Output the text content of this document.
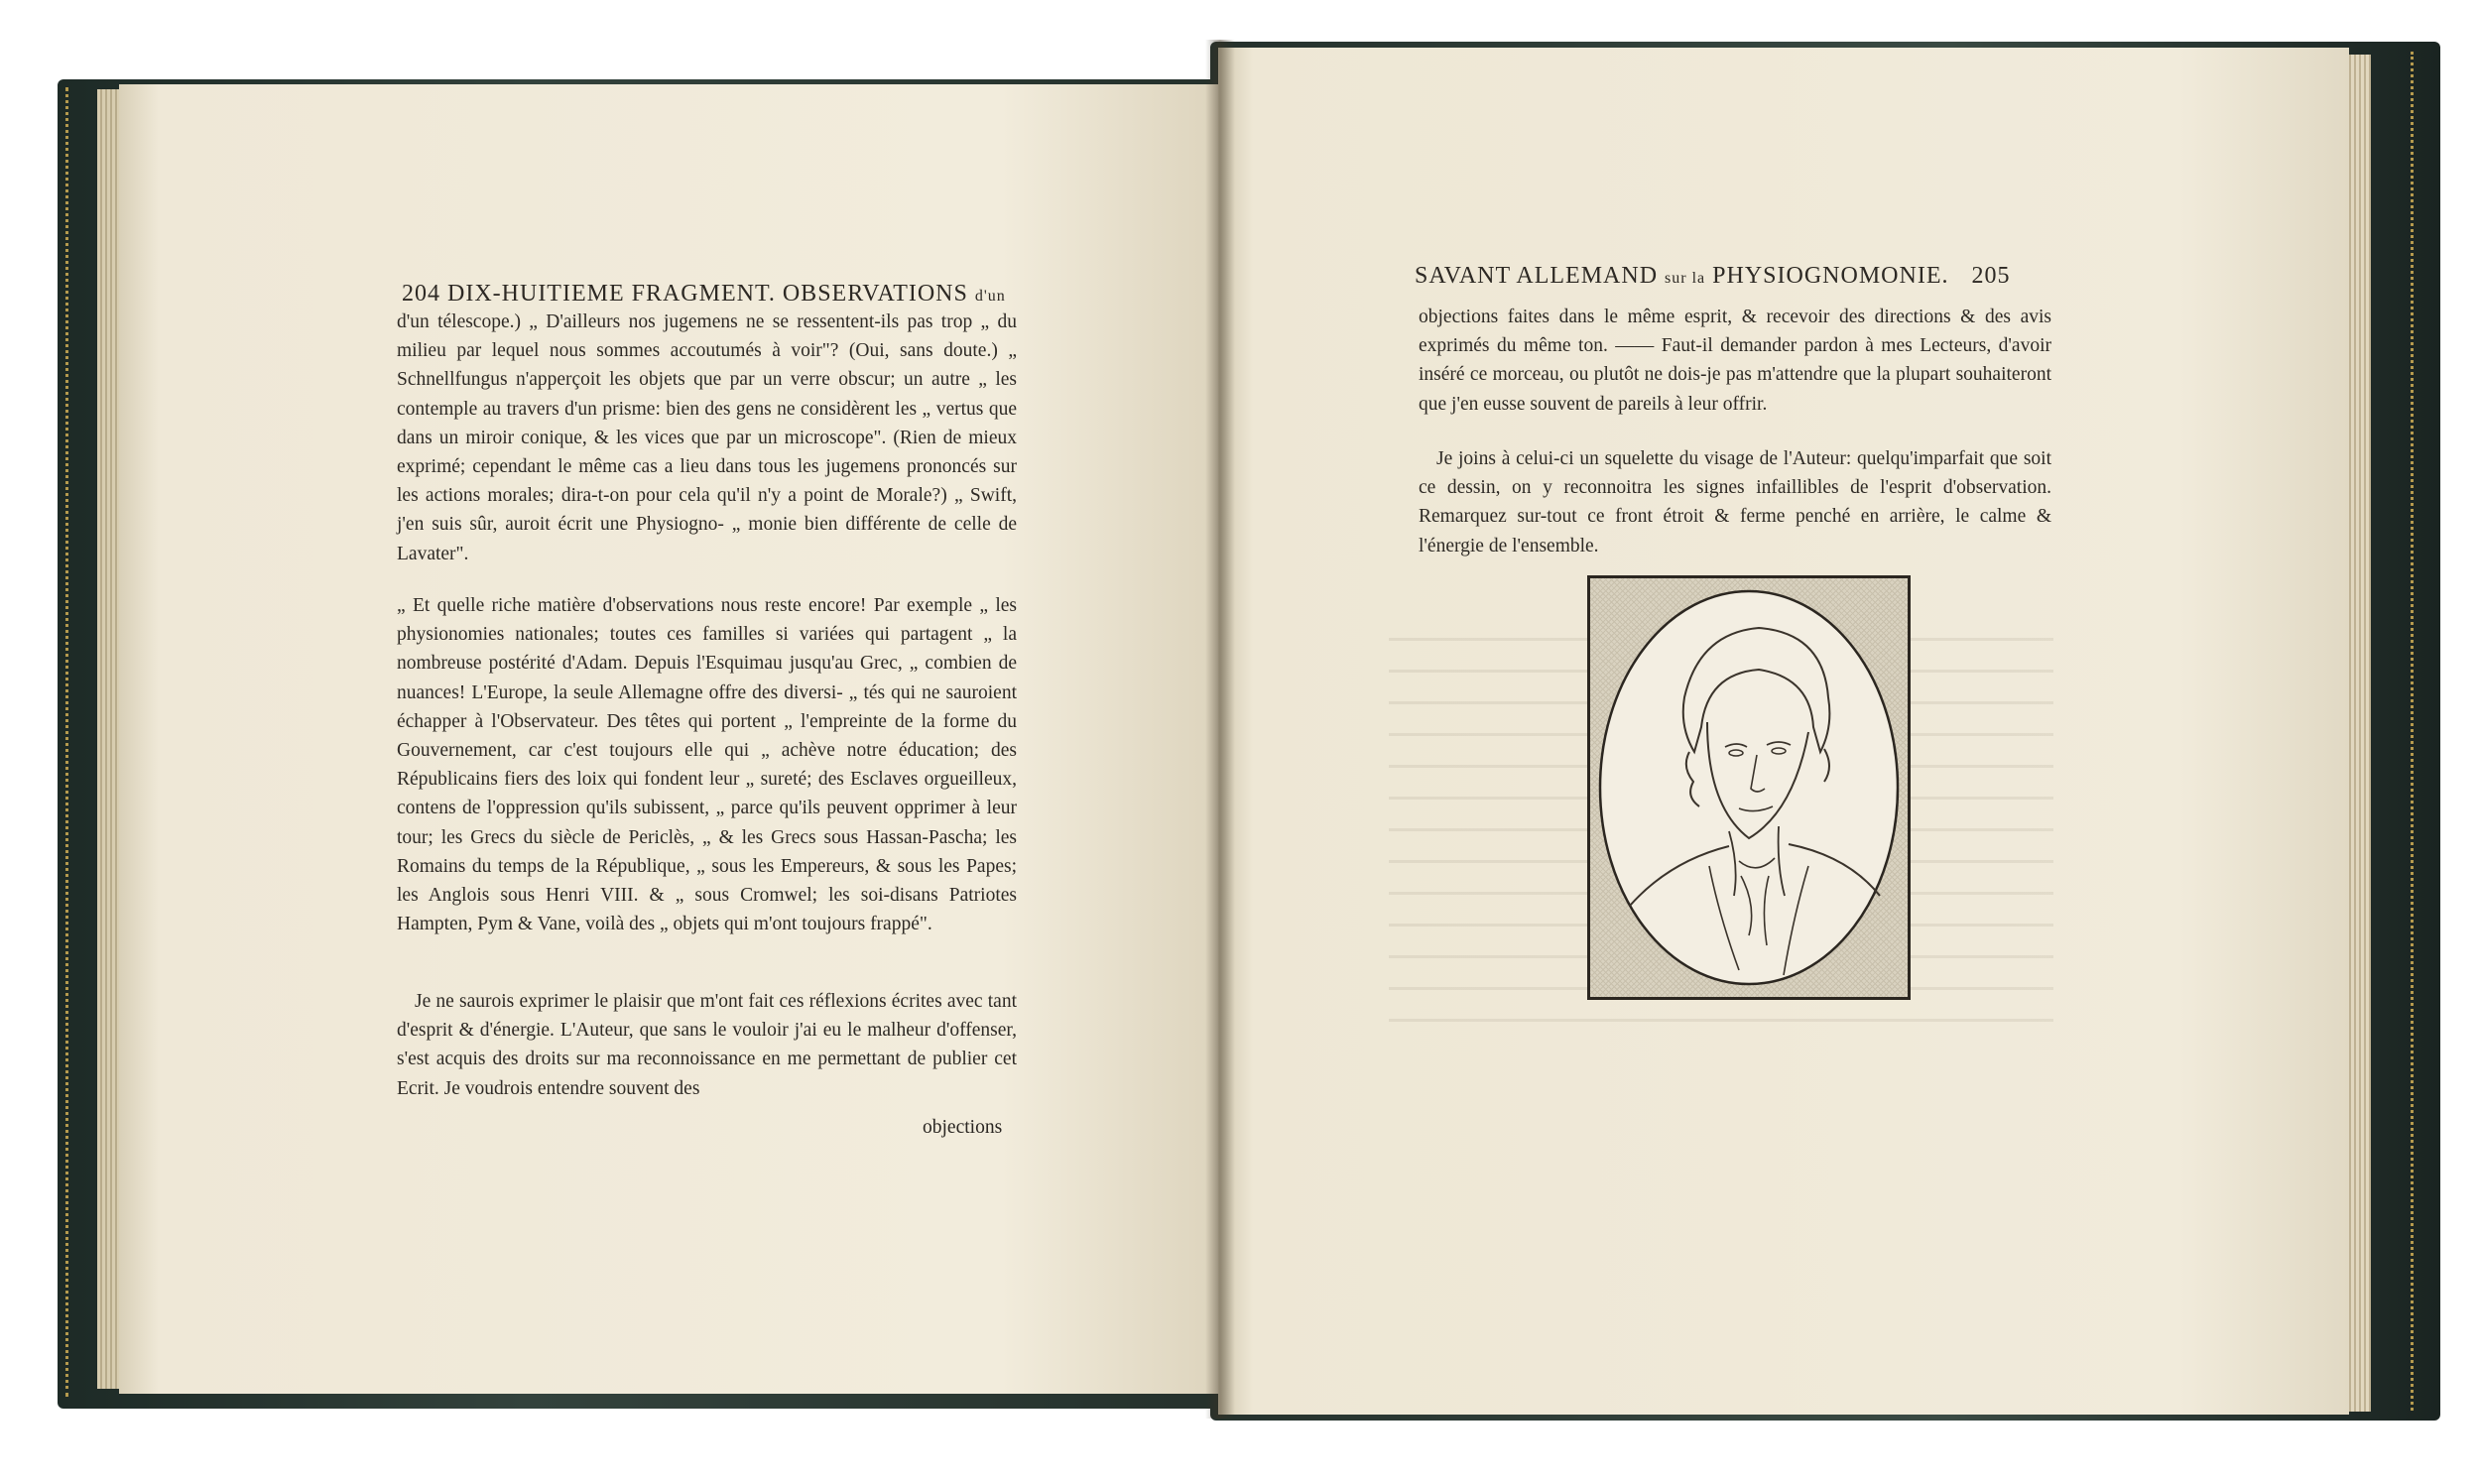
204 DIX-HUITIEME FRAGMENT. OBSERVATIONS d'un

d'un télescope.) „ D'ailleurs nos jugemens ne se ressentent-ils pas trop „ du milieu par lequel nous sommes accoutumés à voir"? (Oui, sans doute.) „ Schnellfungus n'apperçoit les objets que par un verre obscur; un autre „ les contemple au travers d'un prisme: bien des gens ne considèrent les „ vertus que dans un miroir conique, & les vices que par un microscope". (Rien de mieux exprimé; cependant le même cas a lieu dans tous les jugemens prononcés sur les actions morales; dira-t-on pour cela qu'il n'y a point de Morale?) „ Swift, j'en suis sûr, auroit écrit une Physiogno- „ monie bien différente de celle de Lavater".

„ Et quelle riche matière d'observations nous reste encore! Par exemple „ les physionomies nationales; toutes ces familles si variées qui partagent „ la nombreuse postérité d'Adam. Depuis l'Esquimau jusqu'au Grec, „ combien de nuances! L'Europe, la seule Allemagne offre des diversi- „ tés qui ne sauroient échapper à l'Observateur. Des têtes qui portent „ l'empreinte de la forme du Gouvernement, car c'est toujours elle qui „ achève notre éducation; des Républicains fiers des loix qui fondent leur „ sureté; des Esclaves orgueilleux, contens de l'oppression qu'ils subissent, „ parce qu'ils peuvent opprimer à leur tour; les Grecs du siècle de Periclès, „ & les Grecs sous Hassan-Pascha; les Romains du temps de la République, „ sous les Empereurs, & sous les Papes; les Anglois sous Henri VIII. & „ sous Cromwel; les soi-disans Patriotes Hampten, Pym & Vane, voilà des „ objets qui m'ont toujours frappé".

Je ne saurois exprimer le plaisir que m'ont fait ces réflexions écrites avec tant d'esprit & d'énergie. L'Auteur, que sans le vouloir j'ai eu le malheur d'offenser, s'est acquis des droits sur ma reconnoissance en me permettant de publier cet Ecrit. Je voudrois entendre souvent des

objections
SAVANT ALLEMAND sur la PHYSIOGNOMONIE. 205

objections faites dans le même esprit, & recevoir des directions & des avis exprimés du même ton. —— Faut-il demander pardon à mes Lecteurs, d'avoir inséré ce morceau, ou plutôt ne dois-je pas m'attendre que la plupart souhaiteront que j'en eusse souvent de pareils à leur offrir.

Je joins à celui-ci un squelette du visage de l'Auteur: quelqu'imparfait que soit ce dessin, on y reconnoitra les signes infaillibles de l'esprit d'observation. Remarquez sur-tout ce front étroit & ferme penché en arrière, le calme & l'énergie de l'ensemble.
